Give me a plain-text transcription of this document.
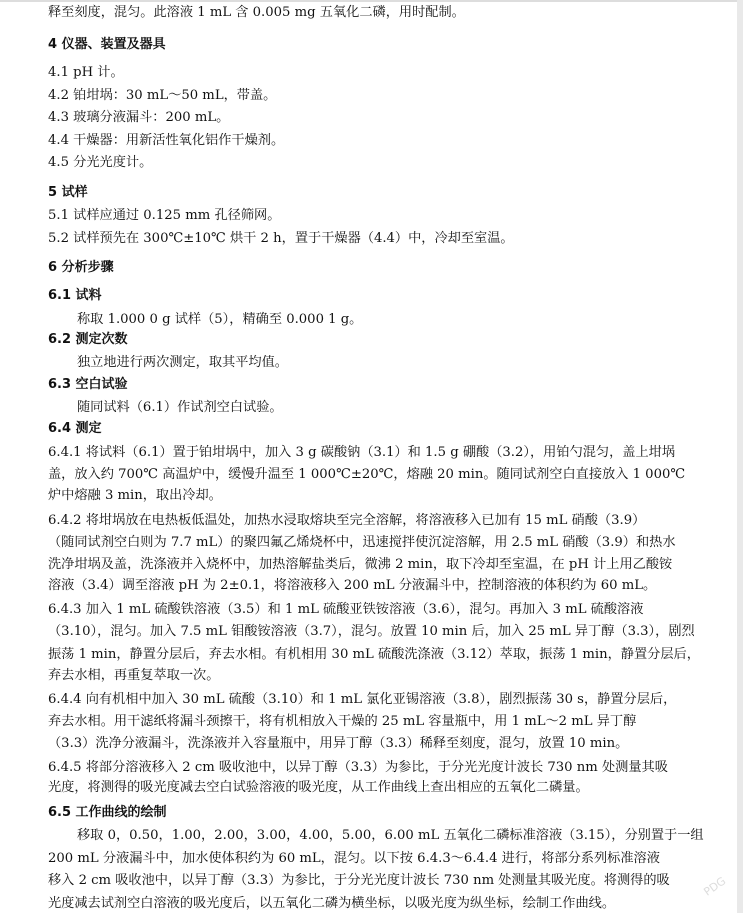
释至刻度，混匀。此溶液 1 mL 含 0.005 mg 五氧化二磷，用时配制。
4 仪器、装置及器具
4.1 pH 计。
4.2 铂坩埚：30 mL～50 mL，带盖。
4.3 玻璃分液漏斗：200 mL。
4.4 干燥器：用新活性氧化铝作干燥剂。
4.5 分光光度计。
5 试样
5.1 试样应通过 0.125 mm 孔径筛网。
5.2 试样预先在 300℃±10℃ 烘干 2 h，置于干燥器（4.4）中，冷却至室温。
6 分析步骤
6.1 试料
称取 1.000 0 g 试样（5），精确至 0.000 1 g。
6.2 测定次数
独立地进行两次测定，取其平均值。
6.3 空白试验
随同试料（6.1）作试剂空白试验。
6.4 测定
6.4.1 将试料（6.1）置于铂坩埚中，加入 3 g 碳酸钠（3.1）和 1.5 g 硼酸（3.2），用铂勺混匀，盖上坩埚
盖，放入约 700℃ 高温炉中，缓慢升温至 1 000℃±20℃，熔融 20 min。随同试剂空白直接放入 1 000℃
炉中熔融 3 min，取出冷却。
6.4.2 将坩埚放在电热板低温处，加热水浸取熔块至完全溶解，将溶液移入已加有 15 mL 硝酸（3.9）
（随同试剂空白则为 7.7 mL）的聚四氟乙烯烧杯中，迅速搅拌使沉淀溶解，用 2.5 mL 硝酸（3.9）和热水
洗净坩埚及盖，洗涤液并入烧杯中，加热溶解盐类后，微沸 2 min，取下冷却至室温，在 pH 计上用乙酸铵
溶液（3.4）调至溶液 pH 为 2±0.1，将溶液移入 200 mL 分液漏斗中，控制溶液的体积约为 60 mL。
6.4.3 加入 1 mL 硫酸铁溶液（3.5）和 1 mL 硫酸亚铁铵溶液（3.6），混匀。再加入 3 mL 硫酸溶液
（3.10），混匀。加入 7.5 mL 钼酸铵溶液（3.7），混匀。放置 10 min 后，加入 25 mL 异丁醇（3.3），剧烈
振荡 1 min，静置分层后，弃去水相。有机相用 30 mL 硫酸洗涤液（3.12）萃取，振荡 1 min，静置分层后，
弃去水相，再重复萃取一次。
6.4.4 向有机相中加入 30 mL 硫酸（3.10）和 1 mL 氯化亚锡溶液（3.8），剧烈振荡 30 s，静置分层后，
弃去水相。用干滤纸将漏斗颈擦干，将有机相放入干燥的 25 mL 容量瓶中，用 1 mL～2 mL 异丁醇
（3.3）洗净分液漏斗，洗涤液并入容量瓶中，用异丁醇（3.3）稀释至刻度，混匀，放置 10 min。
6.4.5 将部分溶液移入 2 cm 吸收池中，以异丁醇（3.3）为参比，于分光光度计波长 730 nm 处测量其吸
光度，将测得的吸光度减去空白试验溶液的吸光度，从工作曲线上查出相应的五氧化二磷量。
6.5 工作曲线的绘制
移取 0，0.50，1.00，2.00，3.00，4.00，5.00，6.00 mL 五氧化二磷标准溶液（3.15），分别置于一组
200 mL 分液漏斗中，加水使体积约为 60 mL，混匀。以下按 6.4.3～6.4.4 进行，将部分系列标准溶液
移入 2 cm 吸收池中，以异丁醇（3.3）为参比，于分光光度计波长 730 nm 处测量其吸光度。将测得的吸
光度减去试剂空白溶液的吸光度后，以五氧化二磷为横坐标，以吸光度为纵坐标，绘制工作曲线。
PDG
